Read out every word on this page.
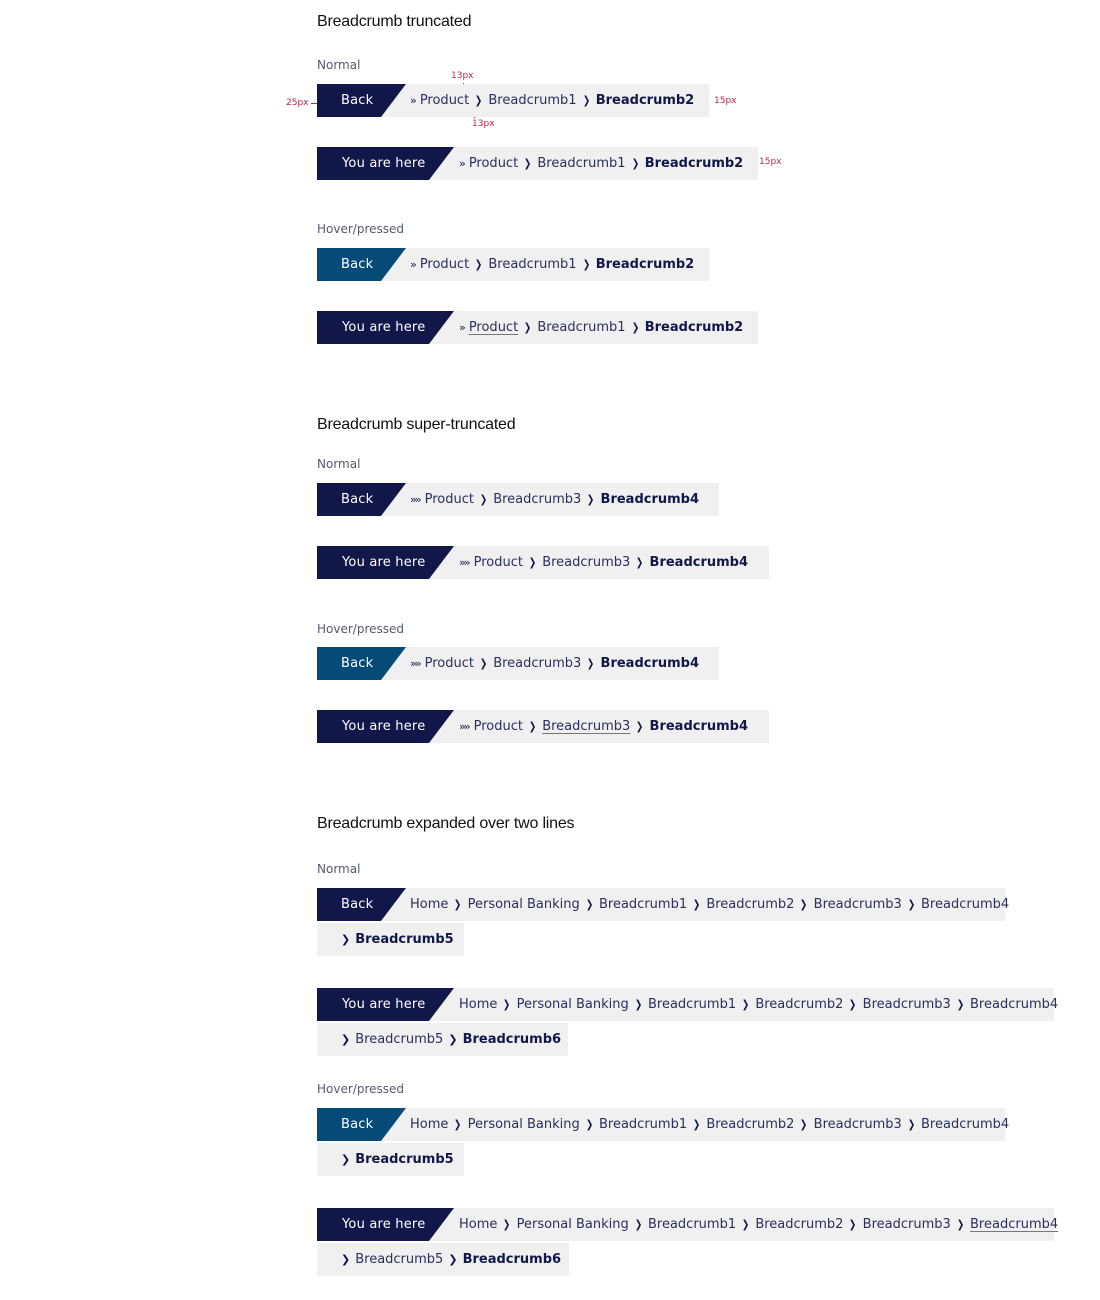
Breadcrumb truncated
Normal
13px
25px
13px
15px
15px
Back	›› Product ❯ Breadcrumb1 ❯ Breadcrumb2
You are here	›› Product ❯ Breadcrumb1 ❯ Breadcrumb2
Hover/pressed
Back	›› Product ❯ Breadcrumb1 ❯ Breadcrumb2
You are here	›› Product ❯ Breadcrumb1 ❯ Breadcrumb2
Breadcrumb super-truncated
Normal
Back	›››› Product ❯ Breadcrumb3 ❯ Breadcrumb4
You are here	›››› Product ❯ Breadcrumb3 ❯ Breadcrumb4
Hover/pressed
Back	›››› Product ❯ Breadcrumb3 ❯ Breadcrumb4
You are here	›››› Product ❯ Breadcrumb3 ❯ Breadcrumb4
Breadcrumb expanded over two lines
Normal
Back	Home ❯ Personal Banking ❯ Breadcrumb1 ❯ Breadcrumb2 ❯ Breadcrumb3 ❯ Breadcrumb4
❯ Breadcrumb5
You are here	Home ❯ Personal Banking ❯ Breadcrumb1 ❯ Breadcrumb2 ❯ Breadcrumb3 ❯ Breadcrumb4
❯ Breadcrumb5 ❯ Breadcrumb6
Hover/pressed
Back	Home ❯ Personal Banking ❯ Breadcrumb1 ❯ Breadcrumb2 ❯ Breadcrumb3 ❯ Breadcrumb4
❯ Breadcrumb5
You are here	Home ❯ Personal Banking ❯ Breadcrumb1 ❯ Breadcrumb2 ❯ Breadcrumb3 ❯ Breadcrumb4
❯ Breadcrumb5 ❯ Breadcrumb6
